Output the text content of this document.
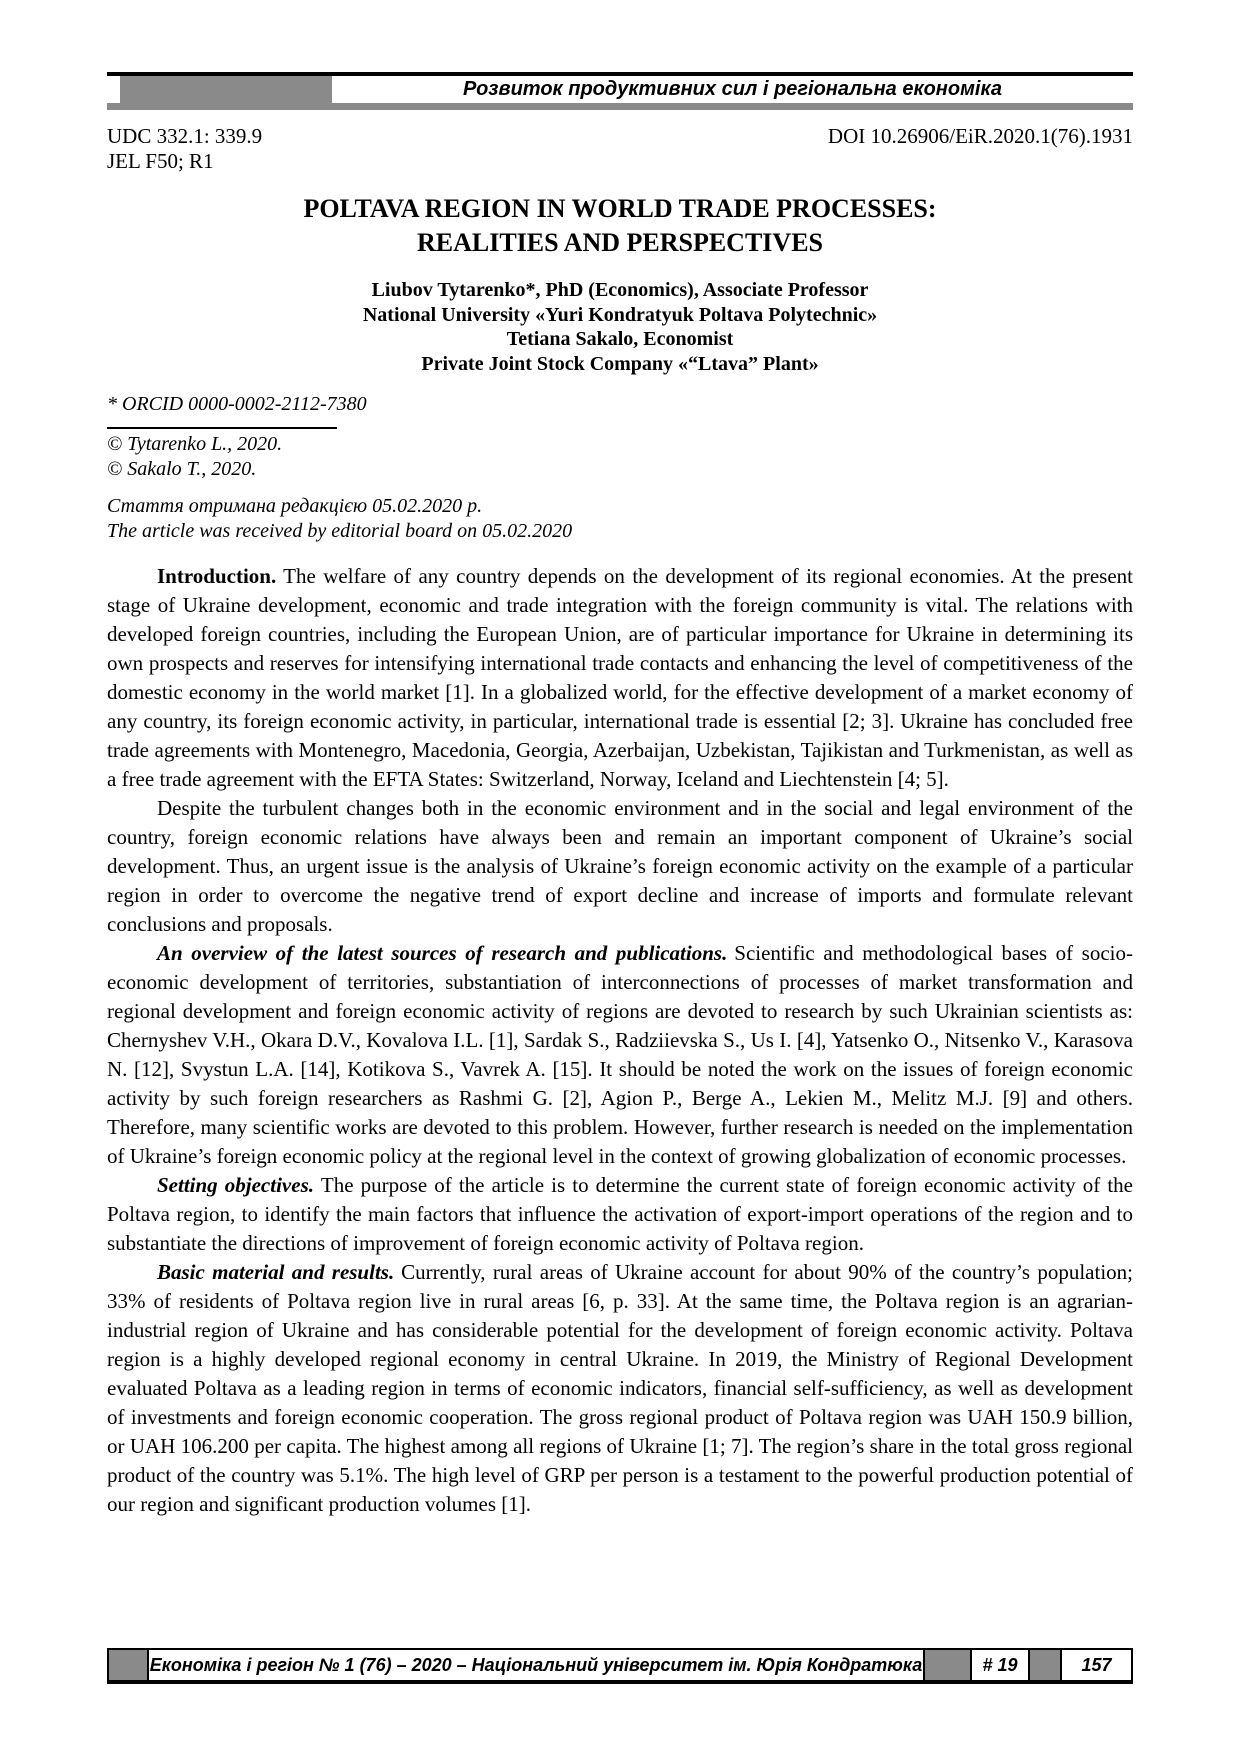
Розвиток продуктивних сил і регіональна економіка
UDC 332.1: 339.9	DOI 10.26906/EiR.2020.1(76).1931
JEL F50; R1
POLTAVA REGION IN WORLD TRADE PROCESSES:
REALITIES AND PERSPECTIVES
Liubov Tytarenko*, PhD (Economics), Associate Professor
National University «Yuri Kondratyuk Poltava Polytechnic»
Tetiana Sakalo, Economist
Private Joint Stock Company «“Ltava” Plant»
* ORCID 0000-0002-2112-7380
© Tytarenko L., 2020.
© Sakalo T., 2020.
Стаття отримана редакцією 05.02.2020 р.
The article was received by editorial board on 05.02.2020

Introduction. The welfare of any country depends on the development of its regional economies. At the present stage of Ukraine development, economic and trade integration with the foreign community is vital. The relations with developed foreign countries, including the European Union, are of particular importance for Ukraine in determining its own prospects and reserves for intensifying international trade contacts and enhancing the level of competitiveness of the domestic economy in the world market [1]. In a globalized world, for the effective development of a market economy of any country, its foreign economic activity, in particular, international trade is essential [2; 3]. Ukraine has concluded free trade agreements with Montenegro, Macedonia, Georgia, Azerbaijan, Uzbekistan, Tajikistan and Turkmenistan, as well as a free trade agreement with the EFTA States: Switzerland, Norway, Iceland and Liechtenstein [4; 5].

Despite the turbulent changes both in the economic environment and in the social and legal environment of the country, foreign economic relations have always been and remain an important component of Ukraine’s social development. Thus, an urgent issue is the analysis of Ukraine’s foreign economic activity on the example of a particular region in order to overcome the negative trend of export decline and increase of imports and formulate relevant conclusions and proposals.

An overview of the latest sources of research and publications. Scientific and methodological bases of socio-economic development of territories, substantiation of interconnections of processes of market transformation and regional development and foreign economic activity of regions are devoted to research by such Ukrainian scientists as: Chernyshev V.H., Okara D.V., Kovalova I.L. [1], Sardak S., Radziievska S., Us I. [4], Yatsenko O., Nitsenko V., Karasova N. [12], Svystun L.A. [14], Kotikova S., Vavrek A. [15]. It should be noted the work on the issues of foreign economic activity by such foreign researchers as Rashmi G. [2], Agion P., Berge A., Lekien M., Melitz M.J. [9] and others. Therefore, many scientific works are devoted to this problem. However, further research is needed on the implementation of Ukraine’s foreign economic policy at the regional level in the context of growing globalization of economic processes.

Setting objectives. The purpose of the article is to determine the current state of foreign economic activity of the Poltava region, to identify the main factors that influence the activation of export-import operations of the region and to substantiate the directions of improvement of foreign economic activity of Poltava region.

Basic material and results. Currently, rural areas of Ukraine account for about 90% of the country’s population; 33% of residents of Poltava region live in rural areas [6, p. 33]. At the same time, the Poltava region is an agrarian-industrial region of Ukraine and has considerable potential for the development of foreign economic activity. Poltava region is a highly developed regional economy in central Ukraine. In 2019, the Ministry of Regional Development evaluated Poltava as a leading region in terms of economic indicators, financial self-sufficiency, as well as development of investments and foreign economic cooperation. The gross regional product of Poltava region was UAH 150.9 billion, or UAH 106.200 per capita. The highest among all regions of Ukraine [1; 7]. The region’s share in the total gross regional product of the country was 5.1%. The high level of GRP per person is a testament to the powerful production potential of our region and significant production volumes [1].

Економіка і регіон № 1 (76) – 2020 – Національний університет ім. Юрія Кондратюка	# 19	157
